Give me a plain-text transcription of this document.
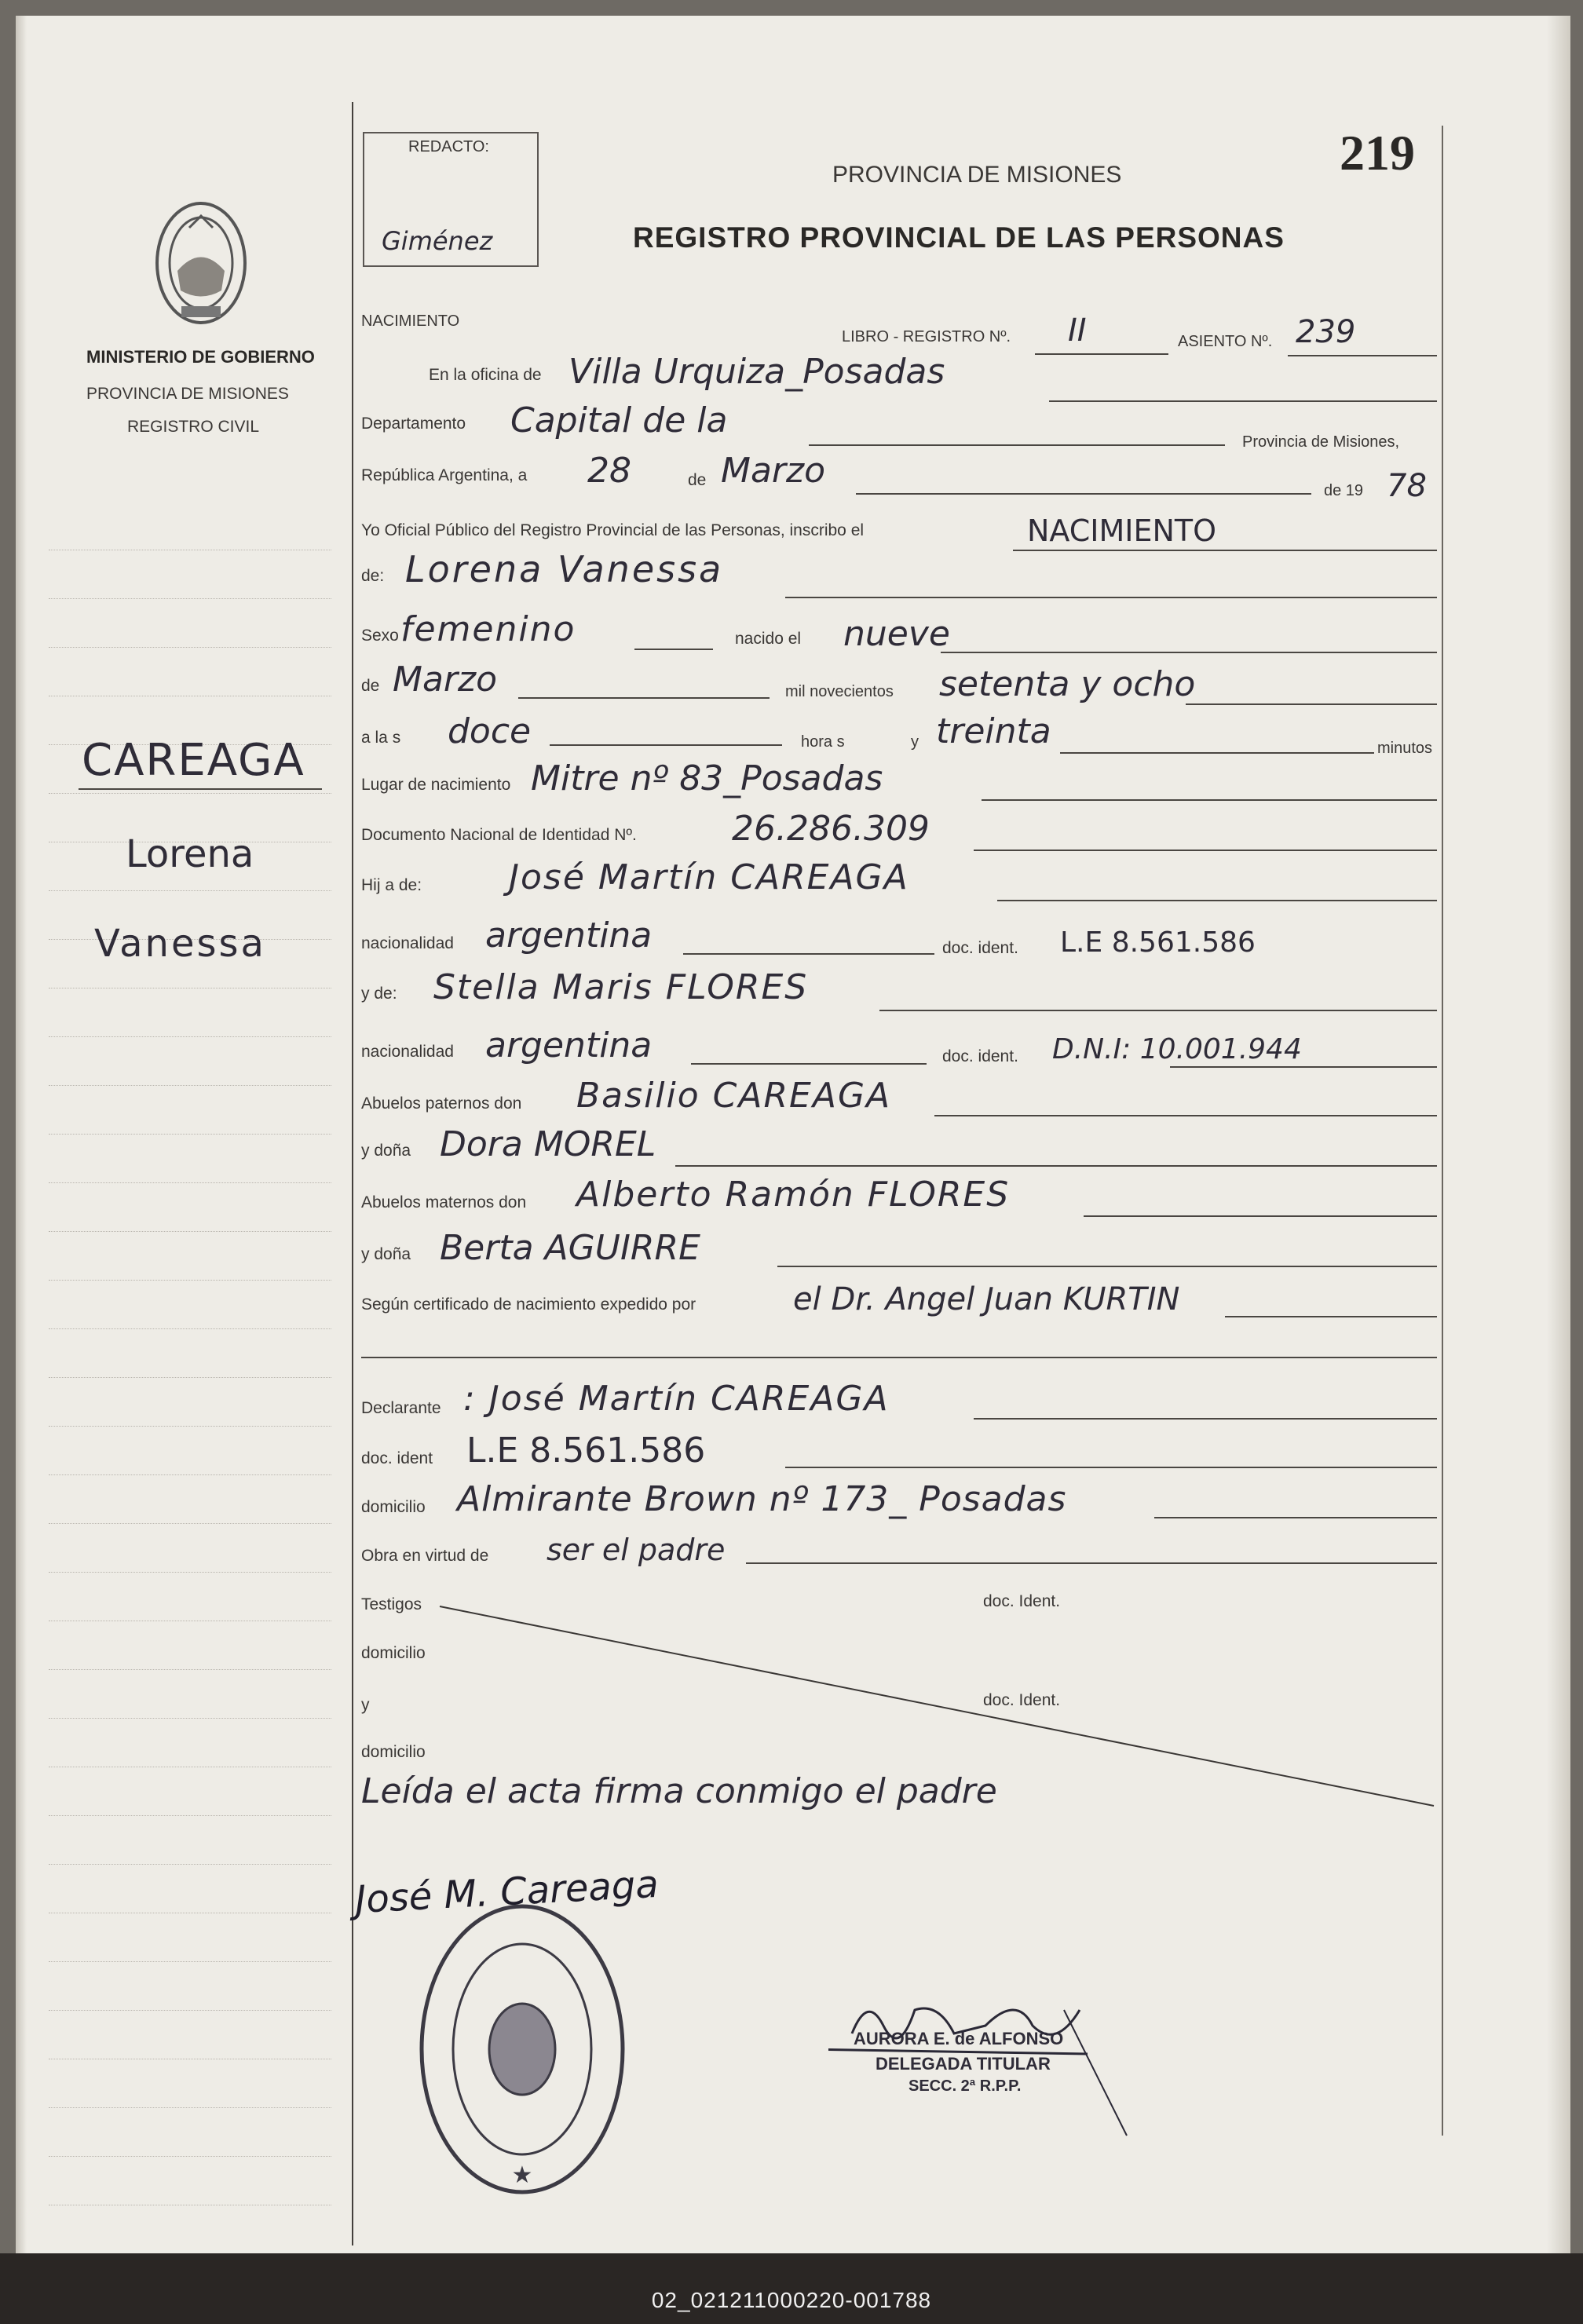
REDACTO:
Giménez
219
MINISTERIO DE GOBIERNO
PROVINCIA DE MISIONES
REGISTRO CIVIL
CAREAGA
Lorena
Vanessa
PROVINCIA DE MISIONES
REGISTRO PROVINCIAL DE LAS PERSONAS
NACIMIENTO
LIBRO - REGISTRO Nº. II	ASIENTO Nº. 239
En la oficina de Villa Urquiza_Posadas
Departamento Capital de la
Provincia de Misiones,
República Argentina, a 28	de Marzo	de 19 78
Yo Oficial Público del Registro Provincial de las Personas, inscribo el	NACIMIENTO
de: Lorena Vanessa
Sexo femenino	nacido el nueve
de Marzo	mil novecientos setenta y ocho
a la s doce	hora s	y treinta	minutos
Lugar de nacimiento Mitre nº 83_Posadas
Documento Nacional de Identidad Nº.	26.286.309
Hij a de:	José Martín CAREAGA
nacionalidad argentina	doc. ident. L.E 8.561.586
y de: Stella Maris FLORES
nacionalidad argentina	doc. ident. D.N.I: 10.001.944
Abuelos paternos don Basilio CAREAGA
y doña Dora MOREL
Abuelos maternos don Alberto Ramón FLORES
y doña Berta AGUIRRE
Según certificado de nacimiento expedido por	el Dr. Angel Juan KURTIN
Declarante : José Martín CAREAGA
doc. ident L.E 8.561.586
domicilio Almirante Brown nº 173_ Posadas
Obra en virtud de ser el padre
Testigos	doc. Ident.
domicilio
y	doc. Ident.
domicilio
Leída el acta firma conmigo el padre
José M. Careaga
★
AURORA E. de ALFONSO
DELEGADA TITULAR
SECC. 2ª R.P.P.
02_021211000220-001788
